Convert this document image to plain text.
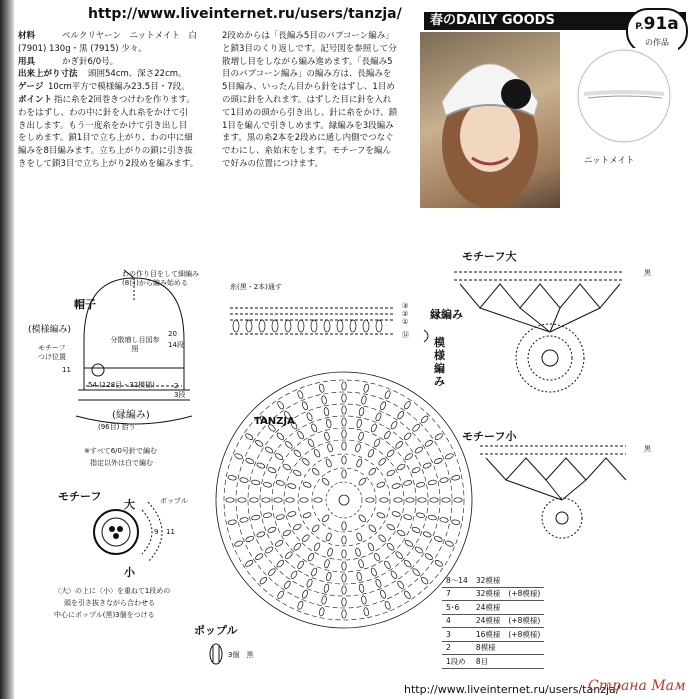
http://www.liveinternet.ru/users/tanzja/	春のDAILY GOODS	P.91a
の作品
材料	ベルクリヤーン　ニットメイト　白
(7901) 130g・黒 (7915) 少々。
用具	かぎ針6/0号。
出来上がり寸法 頭囲54cm、深さ22cm。
ゲージ 10cm平方で模様編み23.5目・7段。
ポイント 指に糸を2回巻きつけわを作ります。
わをはずし、わの中に針を入れ糸をかけて引
き出します。もう一度糸をかけて引き出し目
をしめます。鎖1目で立ち上がり、わの中に細
編みを8目編みます。立ち上がりの鎖に引き抜
きをして鎖3目で立ち上がり2段めを編みます。
2段めからは「長編み5目のパプコーン編み」
と鎖3目のくり返しです。記号図を参照して分
散増し目をしながら編み進めます。「長編み5
目のパプコーン編み」の編み方は、長編みを
5目編み、いったん目から針をはずし、1目め
の頭に針を入れます。はずした目に針を入れ
て1目めの頭から引き出し、針に糸をかけ、鎖
1目を編んで引きしめます。縁編みを3段編み
ます。黒の糸2本を2段めに通し内側でつなぐ
でわにし、糸始末をします。モチーフを編ん
で好みの位置につけます。	ニットメイト
帽子
(模様編み)
モチーフつけ位置
わの作り目をして細編み(8目)から編み始める
分散増し目図参照
20
14段
11
54 (128目・32模様)
3段
2
(縁編み)
(96目) 拾う
※すべて6/0号針で編む
指定以外は白で編む
糸(黒・2本)通す
縁編み
模様編み
③
②
①
⑭
TANZJA
モチーフ
大
小
ポップル
9 11
〈大〉の上に〈小〉を重ねて1段めの
頭を引き抜きながら合わせる
中心にポップル(黒)3個をつける
ポップル
3個　黒
モチーフ大
モチーフ小
黒
黒
8〜14	32模様	
7	32模様	(+8模様)
5･6	24模様	
4	24模様	(+8模様)
3	16模様	(+8模様)
2	8模様	
1段め	8目	
http://www.liveinternet.ru/users/tanzja/
Страна Мам
